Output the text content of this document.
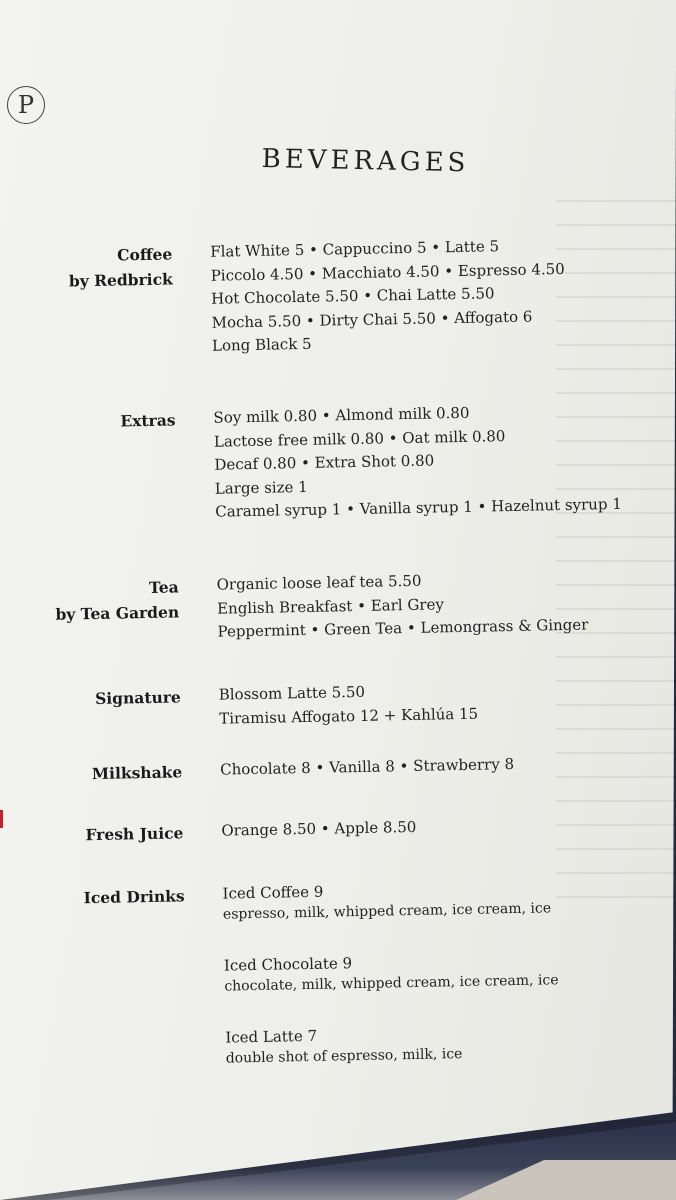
P
BEVERAGES
Coffee
by Redbrick
Flat White 5 • Cappuccino 5 • Latte 5
Piccolo 4.50 • Macchiato 4.50 • Espresso 4.50
Hot Chocolate 5.50 • Chai Latte 5.50
Mocha 5.50 • Dirty Chai 5.50 • Affogato 6
Long Black 5
Extras	Soy milk 0.80 • Almond milk 0.80
Lactose free milk 0.80 • Oat milk 0.80
Decaf 0.80 • Extra Shot 0.80
Large size 1
Caramel syrup 1 • Vanilla syrup 1 • Hazelnut syrup 1
Tea
by Tea Garden
Organic loose leaf tea 5.50
English Breakfast • Earl Grey
Peppermint • Green Tea • Lemongrass & Ginger
Signature	Blossom Latte 5.50
Tiramisu Affogato 12 + Kahlúa 15
Milkshake	Chocolate 8 • Vanilla 8 • Strawberry 8
Fresh Juice	Orange 8.50 • Apple 8.50
Iced Drinks	Iced Coffee 9
espresso, milk, whipped cream, ice cream, ice
Iced Chocolate 9
chocolate, milk, whipped cream, ice cream, ice
Iced Latte 7
double shot of espresso, milk, ice
